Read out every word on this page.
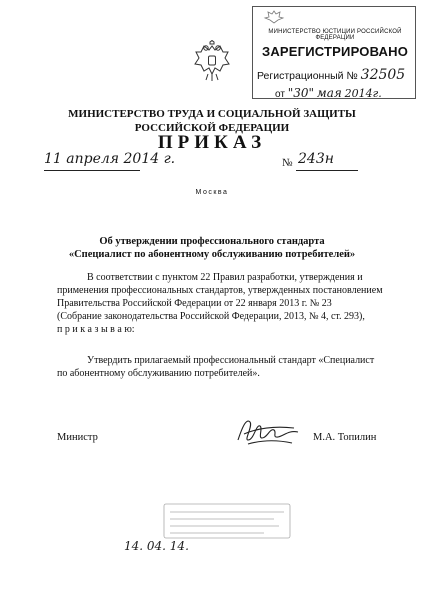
МИНИСТЕРСТВО ЮСТИЦИИ РОССИЙСКОЙ ФЕДЕРАЦИИ
ЗАРЕГИСТРИРОВАНО
Регистрационный № 32505
от "30" мая 2014г.
МИНИСТЕРСТВО ТРУДА И СОЦИАЛЬНОЙ ЗАЩИТЫ
РОССИЙСКОЙ ФЕДЕРАЦИИ
ПРИКАЗ
11 апреля 2014 г.	№ 243н
Москва
Об утверждении профессионального стандарта
«Специалист по абонентному обслуживанию потребителей»
В соответствии с пунктом 22 Правил разработки, утверждения и
применения профессиональных стандартов, утвержденных постановлением
Правительства Российской Федерации от 22 января 2013 г. № 23
(Собрание законодательства Российской Федерации, 2013, № 4, ст. 293),
п р и к а з ы в а ю:
Утвердить прилагаемый профессиональный стандарт «Специалист
по абонентному обслуживанию потребителей».
Министр	М.А. Топилин
14. 04. 14.
